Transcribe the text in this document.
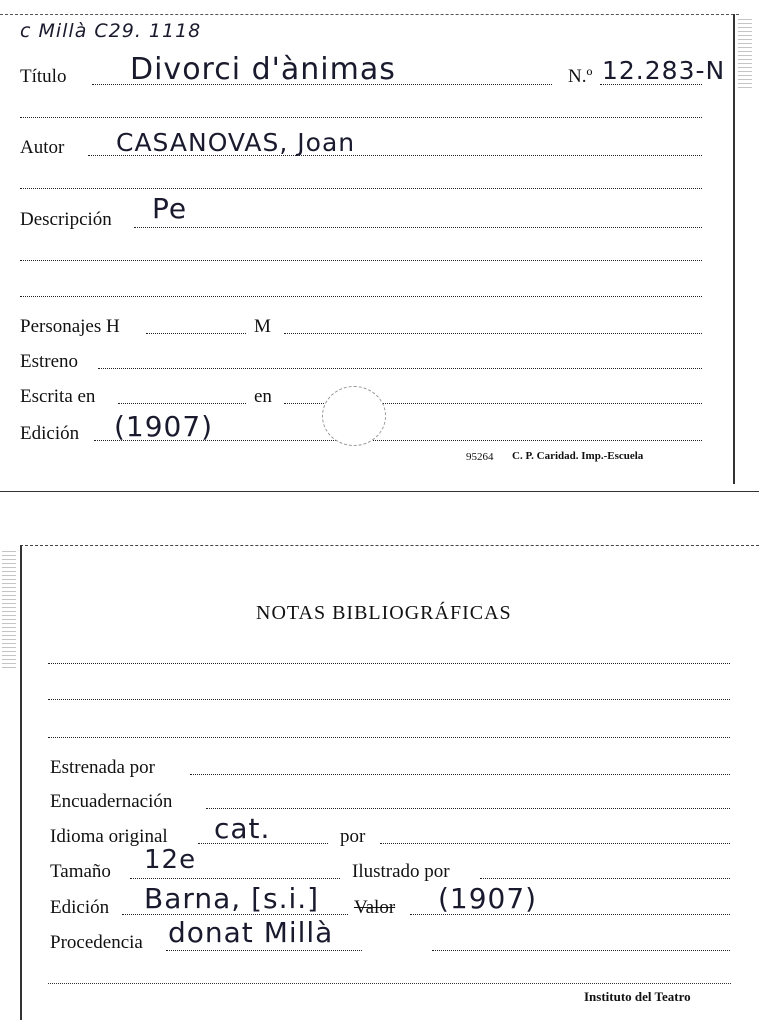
c Millà C29. 1118
Título Divorci d'ànimas	N.º 12.283-N
Autor CASANOVAS, Joan
Descripción Pe
Personajes H	M
Estreno
Escrita en	en
Edición (1907)
95264 C. P. Caridad. Imp.-Escuela
NOTAS BIBLIOGRÁFICAS
Estrenada por
Encuadernación
Idioma original cat.	por
Tamaño 12e	Ilustrado por
Edición Barna, [s.i.] Valor (1907)
Procedencia donat Millà
Instituto del Teatro
